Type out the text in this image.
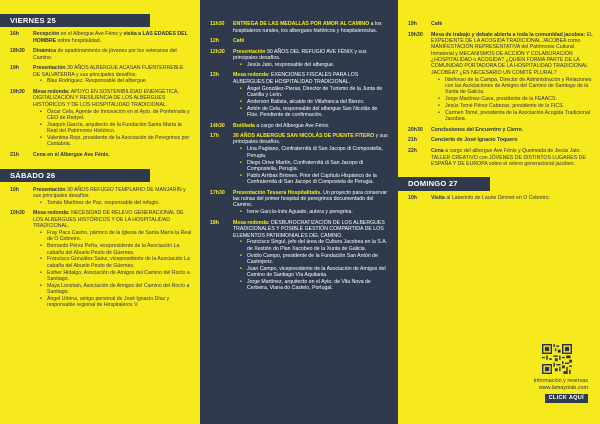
VIERNES 25
16h	Recepción en el Albergue Ave Fénix y visita a LAS EDADES DEL HOMBRE sobre hospitalidad.
18h30	Dinámica de apadrinamiento de jóvenes por los veteranos del Camino.
19h	Presentación 30 AÑOS ALBERGUE ACASAN FUENTERREBLE DE SALVATERRA y sus principales desafíos.
• Blas Rodríguez. Responsable del albergue.
19h30	Mesa redonda: APOYO EN SOSTENIBILIDAD ENERGÉTICA, DIGITALIZACIÓN Y RESILIENCIA DE LOS ALBERGUES HISTÓRICOS Y DE LOS HOSPITALIDAD TRADICIONAL.
• Óscar Cela, Agente de Innovación en el Ayto. de Ponferrada y CEO de Redyel.
• Joaquín García, arquitecto de la Fundación Santa María la Real del Patrimonio Histórico.
• Valentina Rojo, presidente de la Asociación de Peregrinos por Cantabria.
21h	Cena en el Albergue Ave Fénix.
SÁBADO 26
10h	Presentación 30 AÑOS REFUGIO TEMPLARIO DE MANJARÍN y sus principales desafíos.
• Tomás Martínez de Paz, responsable del refugio.
10h30	Mesa redonda: NECESIDAD DE RELEVO GENERACIONAL DE LOS ALBERGUES HISTÓRICOS Y DE LA HOSPITALIDAD TRADICIONAL.
• Fray Pacs Castro, párroco de la Iglesia de Santa María la Real de O Cebreiro.
• Bernardo Pérez Peña, vicepresidente de la Asociación La cabaña del Abuelo Peuto de Güemes.
• Francisco González Sainz, vicepresidente de la Asociación La cabaña del Abuelo Peuto de Güemes.
• Esther Hidalgo, Asociación de Amigos del Camino del Rocío a Santiago.
• Maya Lonstain, Asociación de Amigos del Camino del Rocío a Santiago.
• Ángel Urbina, amigo personal de José Ignacio Díaz y responsable regional de Hospitaleros V.
11h30	ENTREGA DE LAS MEDALLAS POR AMOR AL CAMINO a los hospitaleros rurales, los albergues históricos y hospitaleros/as.
12h	Café
12h30	Presentación 90 AÑOS DEL REFUGIO AVE FÉNIX y sus principales desafíos.
• Jesús Jato, responsable del albergue.
13h	Mesa redonda: EXENCIONES FISCALES PARA LOS ALBERGUES DE HOSPITALIDAD TRADICIONAL.
• Ángel González-Pieras, Director de Turismo de la Junta de Castilla y León.
• Anderson Batista, alcalde de Villafranca del Bierzo.
• Antón de Cela, responsable del albergue San Nicolás de Flüe. Pendiente de confirmación.
14h30	Botillada a cargo del Albergue Ave Fénix.
17h	30 AÑOS ALBERGUE SAN NICOLÁS DE PUENTE FITERO y sus principales desafíos.
• Lina Pagliano, Confraternità di San Jacopo di Compostella, Perugia.
• Diego Orive Martín, Confraternità di San Jacopo di Compostella, Perugia.
• Pablo Arribas Briones, Prior del Capítulo Hispánico de la Confraternità di San Jacopo di Compostela de Perugia.
17h30	Presentación Tessera Hospitalitatis. Un proyecto para conservar las ruinas del primer hospital de peregrinos documentado del Camino.
• Irene García-Inés Aguado, autora y peregrina.
18h	Mesa redonda: DESBUROCRATIZACIÓN DE LOS ALBERGUES TRADICIONALES Y POSIBLE GESTIÓN COMPARTIDA DE LOS ELEMENTOS PATRIMONIALES DEL CAMINO.
• Francisco Singul, jefe del área de Cultura Jacobea en la S.A. de Xestión do Plan Xacobeo de la Xunta de Galicia.
• Ovidio Campo, presidente de la Fundación San Antón de Castrojeriz.
• Juan Campo, vicepresidente de la Asociación de Amigos del Camino de Santiago Vía Aquitania.
• Jorge Martínez, arquitecto en el Ayto. de Vila Nova de Cerbeira, Viana do Castelo, Portugal.
19h	Café
19h30	Mesa de trabajo y debate abierta a toda la comunidad jacobea: EL EXPEDIENTE DE LA ACOGIDA TRADICIONAL JACOBEA como MANIFESTACIÓN REPRESENTATIVA del Patrimonio Cultural Inmaterial y MECANISMOS DE ACCIÓN Y COLABORACIÓN ¿HOSPITALIDAD o ACOGIDA? ¿QUIÉN FORMA PARTE DE LA COMUNIDAD PORTADORA DE LA HOSPITALIDAD TRADICIONAL JACOBEA? ¿ES NECESARIO UN COMITÉ PLURAL?
• Ildefonso de la Campa, Director de Administración y Relaciones con las Asociaciones de Amigos del Camino de Santiago de la Xunta de Galicia.
• Jorge Martínez-Cava, presidente de la FEAACS.
• Jesús Tomé Pérez Cabezas, presidente de la FICS.
• Carmen Tomé, presidenta de la Asociación Acogida Tradicional Jacobea.
20h30	Conclusiones del Encuentro y Cierre.
21h	Concierto de José Ignacio Toquero
22h	Cena a cargo del albergue Ave Fénix y Queimada de Jesús Jato.
TALLER CREATIVO con JÓVENES DE DISTINTOS LUGARES DE ESPAÑA Y DE EUROPA sobre el relevo generacional jacobeo.
DOMINGO 27
10h	Visita al Laberinto de Laurie Dennet en O Cebreiro.
Información y reservas
www.lamayolab.com
CLICK AQUÍ
